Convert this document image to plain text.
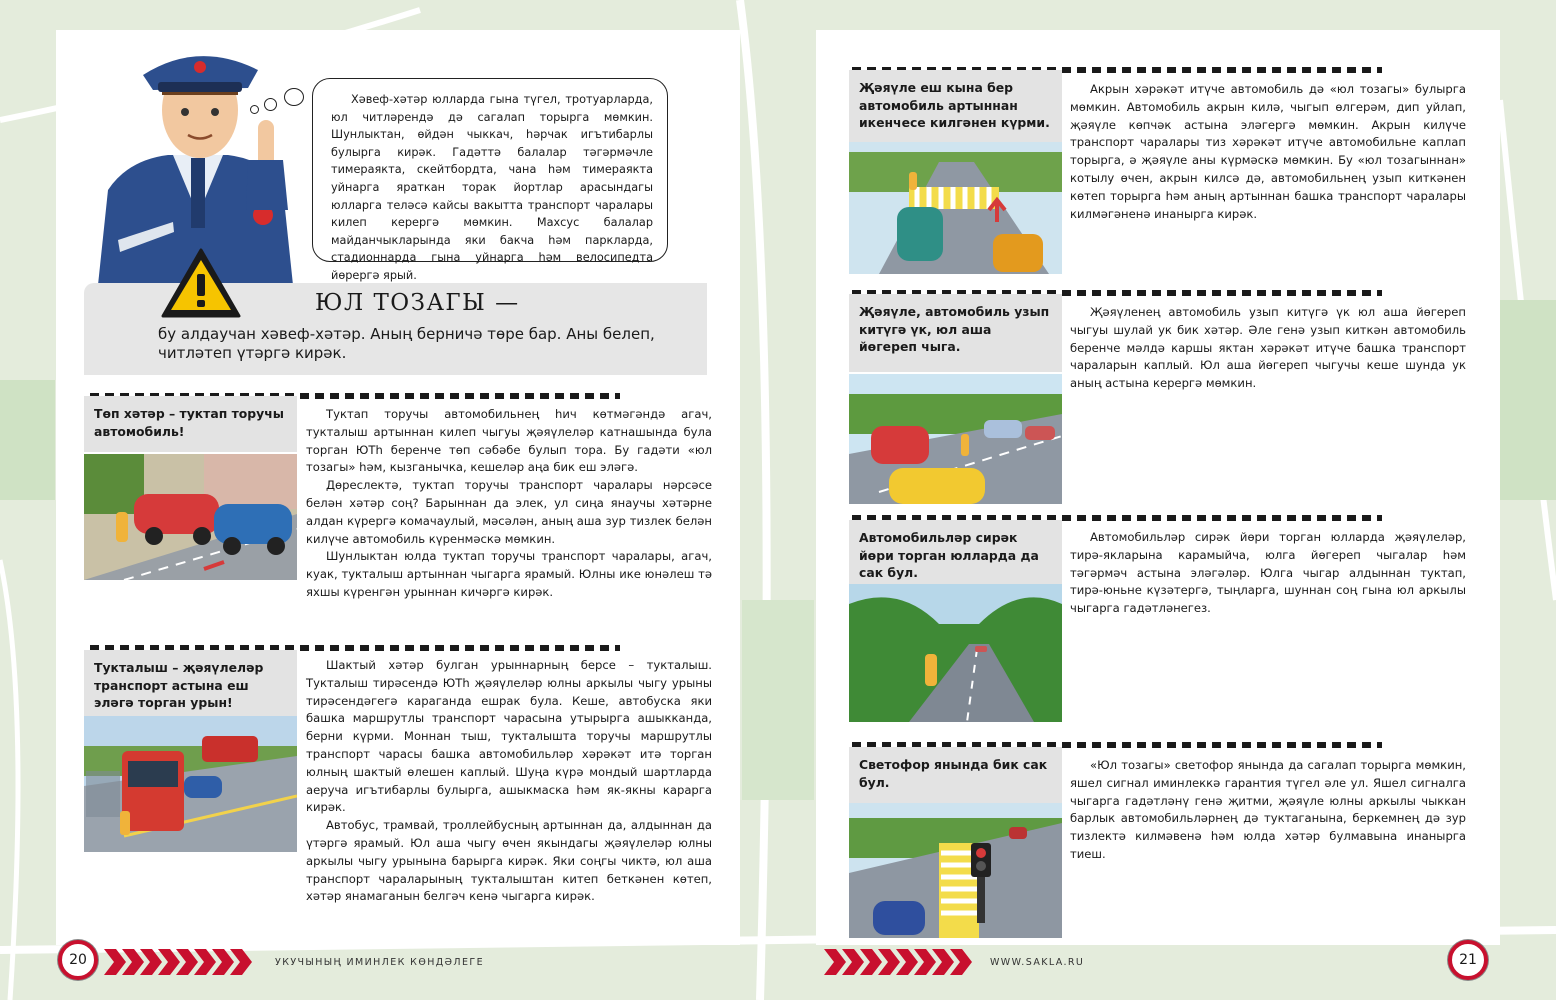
Хәвеф-хәтәр юлларда гына түгел, тротуарларда, юл читләрендә дә сагалап торырга мөмкин. Шунлыктан, өйдән чыккач, һәрчак игътибарлы булырга кирәк. Гадәттә балалар тәгәрмәчле тимераякта, скейтбордта, чана һәм тимераякта уйнарга яраткан торак йортлар арасындагы юлларга теләсә кайсы вакытта транспорт чаралары килеп керергә мөмкин. Махсус балалар майданчыкларында яки бакча һәм паркларда, стадионнарда гына уйнарга һәм велосипедта йөрергә ярый.
ЮЛ ТОЗАГЫ —
бу алдаучан хәвеф-хәтәр. Аның берничә төре бар. Аны белеп, читләтеп үтәргә кирәк.
Төп хәтәр – туктап торучы автомобиль!

Туктап торучы автомобильнең һич көтмәгәндә агач, тукталыш артыннан килеп чыгуы җәяүлеләр катнашында була торган ЮТһ беренче төп сәбәбе булып тора. Бу гадәти «юл тозагы» һәм, кызганычка, кешеләр аңа бик еш эләгә.

Дөреслектә, туктап торучы транспорт чаралары нәрсәсе белән хәтәр соң? Барыннан да элек, ул сиңа янаучы хәтәрне алдан күрергә комачаулый, мәсәлән, аның аша зур тизлек белән килүче автомобиль күренмәскә мөмкин.

Шунлыктан юлда туктап торучы транспорт чаралары, агач, куак, тукталыш артыннан чыгарга ярамый. Юлны ике юнәлеш тә яхшы күренгән урыннан кичәргә кирәк.

Тукталыш – җәяүлеләр транспорт астына еш эләгә торган урын!

Шактый хәтәр булган урыннарның берсе – тукталыш. Тукталыш тирәсендә ЮТһ җәяүлеләр юлны аркылы чыгу урыны тирәсендәгегә караганда ешрак була. Кеше, автобуска яки башка маршрутлы транспорт чарасына утырырга ашыкканда, берни күрми. Моннан тыш, тукталышта торучы маршрутлы транспорт чарасы башка автомобильләр хәрәкәт итә торган юлның шактый өлешен каплый. Шуңа күрә мондый шартларда аеруча игътибарлы булырга, ашыкмаска һәм як-якны карарга кирәк.

Автобус, трамвай, троллейбусның артыннан да, алдыннан да үтәргә ярамый. Юл аша чыгу өчен якындагы җәяүлеләр юлны аркылы чыгу урынына барырга кирәк. Яки соңгы чиктә, юл аша транспорт чараларының тукталыштан китеп беткәнен көтеп, хәтәр янамаганын белгәч кенә чыгарга кирәк.

Җәяүле еш кына бер автомобиль артыннан икенчесе килгәнен күрми.

Акрын хәрәкәт итүче автомобиль дә «юл тозагы» булырга мөмкин. Автомобиль акрын килә, чыгып өлгерәм, дип уйлап, җәяүле көпчәк астына эләгергә мөмкин. Акрын килүче транспорт чаралары тиз хәрәкәт итүче автомобильне каплап торырга, ә җәяүле аны күрмәскә мөмкин. Бу «юл тозагыннан» котылу өчен, акрын килсә дә, автомобильнең узып киткәнен көтеп торырга һәм аның артыннан башка транспорт чаралары килмәгәненә инанырга кирәк.

Җәяүле, автомобиль узып китүгә үк, юл аша йөгереп чыга.

Җәяүленең автомобиль узып китүгә үк юл аша йөгереп чыгуы шулай ук бик хәтәр. Әле генә узып киткән автомобиль беренче мәлдә каршы яктан хәрәкәт итүче башка транспорт чараларын каплый. Юл аша йөгереп чыгучы кеше шунда ук аның астына керергә мөмкин.

Автомобильләр сирәк йөри торган юлларда да сак бул.

Автомобильләр сирәк йөри торган юлларда җәяүлеләр, тирә-якларына карамыйча, юлга йөгереп чыгалар һәм тәгәрмәч астына эләгәләр. Юлга чыгар алдыннан туктап, тирә-юньне күзәтергә, тыңларга, шуннан соң гына юл аркылы чыгарга гадәтләнегез.

Светофор янында бик сак бул.

«Юл тозагы» светофор янында да сагалап торырга мөмкин, яшел сигнал иминлеккә гарантия түгел әле ул. Яшел сигналга чыгарга гадәтләнү генә җитми, җәяүле юлны аркылы чыккан барлык автомобильләрнең дә туктаганына, беркемнең дә зур тизлектә килмәвенә һәм юлда хәтәр булмавына инанырга тиеш.

20	УКУЧЫНЫҢ ИМИНЛЕК КӨНДӘЛЕГЕ	WWW.SAKLA.RU	21
